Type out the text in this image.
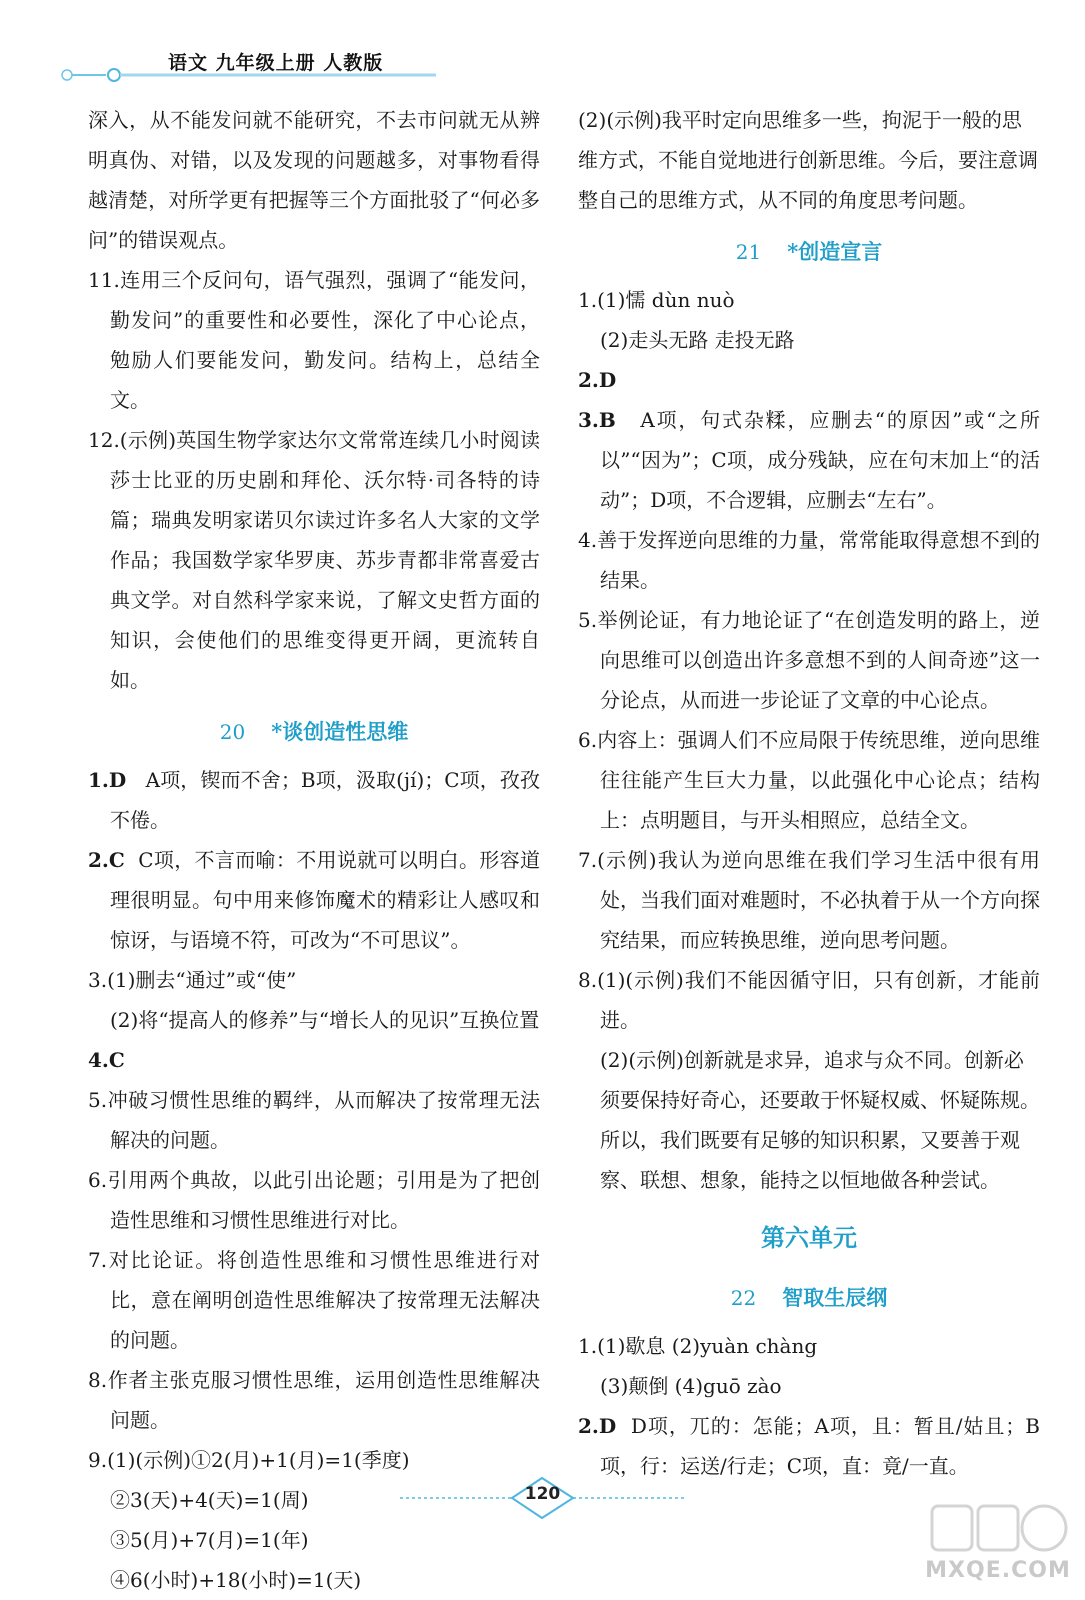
语文 九年级上册 人教版

深入，从不能发问就不能研究，不去市问就无从辨明真伪、对错，以及发现的问题越多，对事物看得越清楚，对所学更有把握等三个方面批驳了“何必多问”的错误观点。

11.连用三个反问句，语气强烈，强调了“能发问，勤发问”的重要性和必要性，深化了中心论点，勉励人们要能发问，勤发问。结构上，总结全文。

12.(示例)英国生物学家达尔文常常连续几小时阅读莎士比亚的历史剧和拜伦、沃尔特·司各特的诗篇；瑞典发明家诺贝尔读过许多名人大家的文学作品；我国数学家华罗庚、苏步青都非常喜爱古典文学。对自然科学家来说，了解文史哲方面的知识，会使他们的思维变得更开阔，更流转自如。

20 *谈创造性思维

1.D A项，锲而不舍；B项，汲取(jí)；C项，孜孜不倦。

2.C C项，不言而喻：不用说就可以明白。形容道理很明显。句中用来修饰魔术的精彩让人感叹和惊讶，与语境不符，可改为“不可思议”。

3.(1)删去“通过”或“使”

(2)将“提高人的修养”与“增长人的见识”互换位置

4.C

5.冲破习惯性思维的羁绊，从而解决了按常理无法解决的问题。

6.引用两个典故，以此引出论题；引用是为了把创造性思维和习惯性思维进行对比。

7.对比论证。将创造性思维和习惯性思维进行对比，意在阐明创造性思维解决了按常理无法解决的问题。

8.作者主张克服习惯性思维，运用创造性思维解决问题。

9.(1)(示例)①2(月)+1(月)=1(季度)

②3(天)+4(天)=1(周)

③5(月)+7(月)=1(年)

④6(小时)+18(小时)=1(天)

(2)(示例)我平时定向思维多一些，拘泥于一般的思维方式，不能自觉地进行创新思维。今后，要注意调整自己的思维方式，从不同的角度思考问题。

21 *创造宣言

1.(1)懦 dùn nuò

(2)走头无路 走投无路

2.D

3.B A项，句式杂糅，应删去“的原因”或“之所以”“因为”；C项，成分残缺，应在句末加上“的活动”；D项，不合逻辑，应删去“左右”。

4.善于发挥逆向思维的力量，常常能取得意想不到的结果。

5.举例论证，有力地论证了“在创造发明的路上，逆向思维可以创造出许多意想不到的人间奇迹”这一分论点，从而进一步论证了文章的中心论点。

6.内容上：强调人们不应局限于传统思维，逆向思维往往能产生巨大力量，以此强化中心论点；结构上：点明题目，与开头相照应，总结全文。

7.(示例)我认为逆向思维在我们学习生活中很有用处，当我们面对难题时，不必执着于从一个方向探究结果，而应转换思维，逆向思考问题。

8.(1)(示例)我们不能因循守旧，只有创新，才能前进。

(2)(示例)创新就是求异，追求与众不同。创新必须要保持好奇心，还要敢于怀疑权威、怀疑陈规。所以，我们既要有足够的知识积累，又要善于观察、联想、想象，能持之以恒地做各种尝试。

第六单元
22 智取生辰纲

1.(1)歇息 (2)yuàn chàng

(3)颠倒 (4)guō zào

2.D D项，兀的：怎能；A项，且：暂且/姑且；B项，行：运送/行走；C项，直：竟/一直。

120
MXQE.COM
